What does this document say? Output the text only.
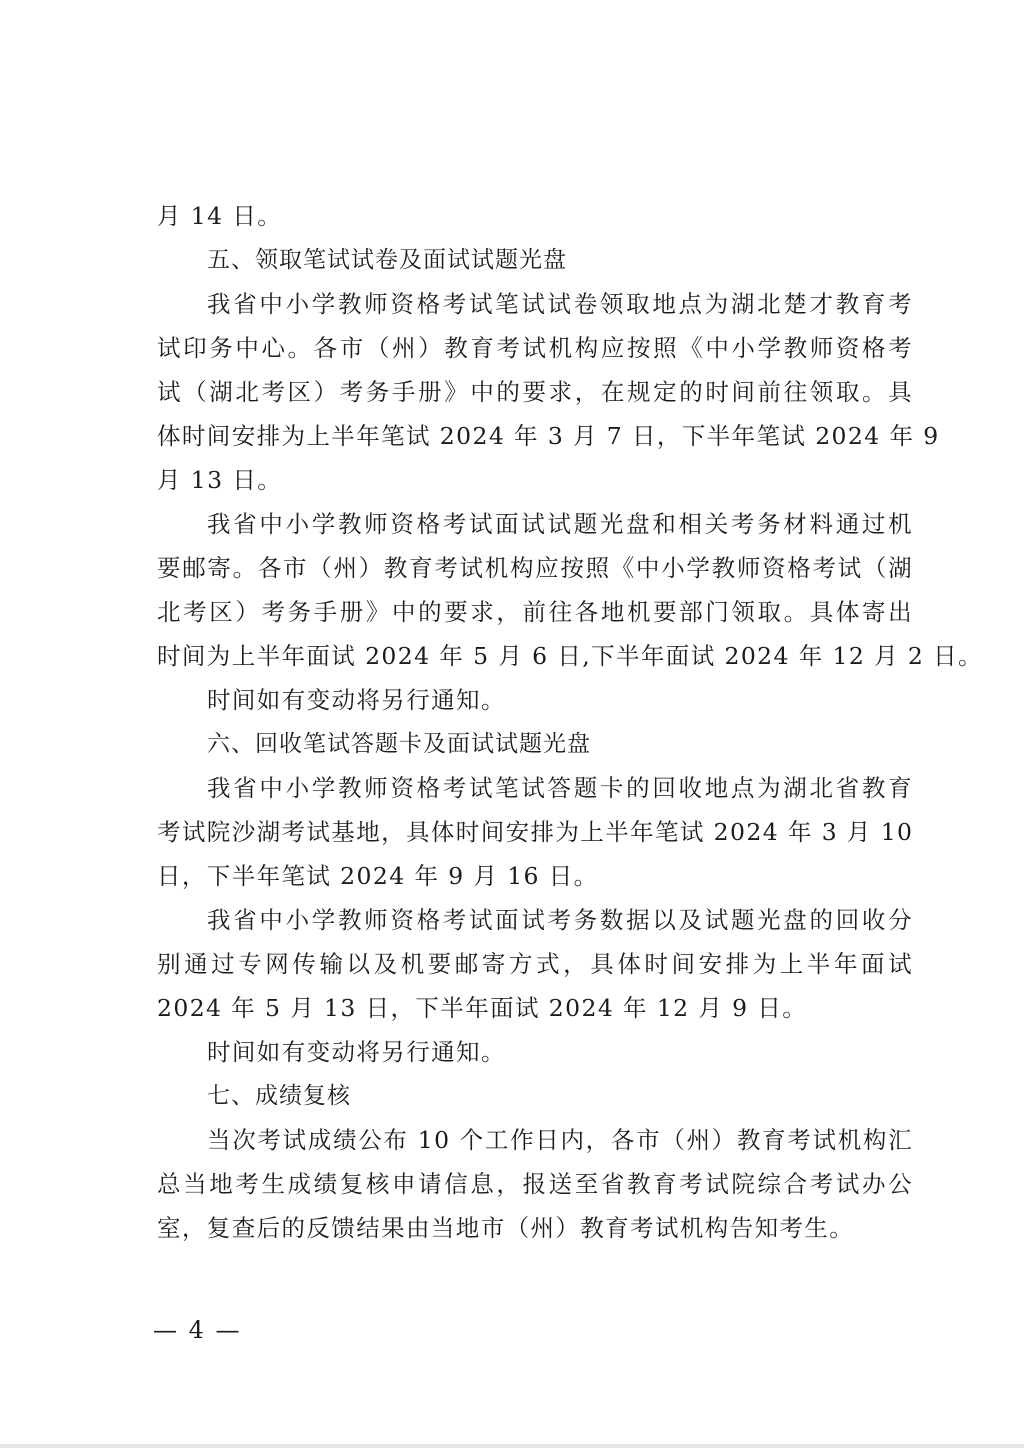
月 14 日。
五、领取笔试试卷及面试试题光盘
我省中小学教师资格考试笔试试卷领取地点为湖北楚才教育考
试印务中心。各市（州）教育考试机构应按照《中小学教师资格考
试（湖北考区）考务手册》中的要求，在规定的时间前往领取。具
体时间安排为上半年笔试 2024 年 3 月 7 日，下半年笔试 2024 年 9
月 13 日。
我省中小学教师资格考试面试试题光盘和相关考务材料通过机
要邮寄。各市（州）教育考试机构应按照《中小学教师资格考试（湖
北考区）考务手册》中的要求，前往各地机要部门领取。具体寄出
时间为上半年面试 2024 年 5 月 6 日,下半年面试 2024 年 12 月 2 日。
时间如有变动将另行通知。
六、回收笔试答题卡及面试试题光盘
我省中小学教师资格考试笔试答题卡的回收地点为湖北省教育
考试院沙湖考试基地，具体时间安排为上半年笔试 2024 年 3 月 10
日，下半年笔试 2024 年 9 月 16 日。
我省中小学教师资格考试面试考务数据以及试题光盘的回收分
别通过专网传输以及机要邮寄方式，具体时间安排为上半年面试
2024 年 5 月 13 日，下半年面试 2024 年 12 月 9 日。
时间如有变动将另行通知。
七、成绩复核
当次考试成绩公布 10 个工作日内，各市（州）教育考试机构汇
总当地考生成绩复核申请信息，报送至省教育考试院综合考试办公
室，复查后的反馈结果由当地市（州）教育考试机构告知考生。
— 4 —
